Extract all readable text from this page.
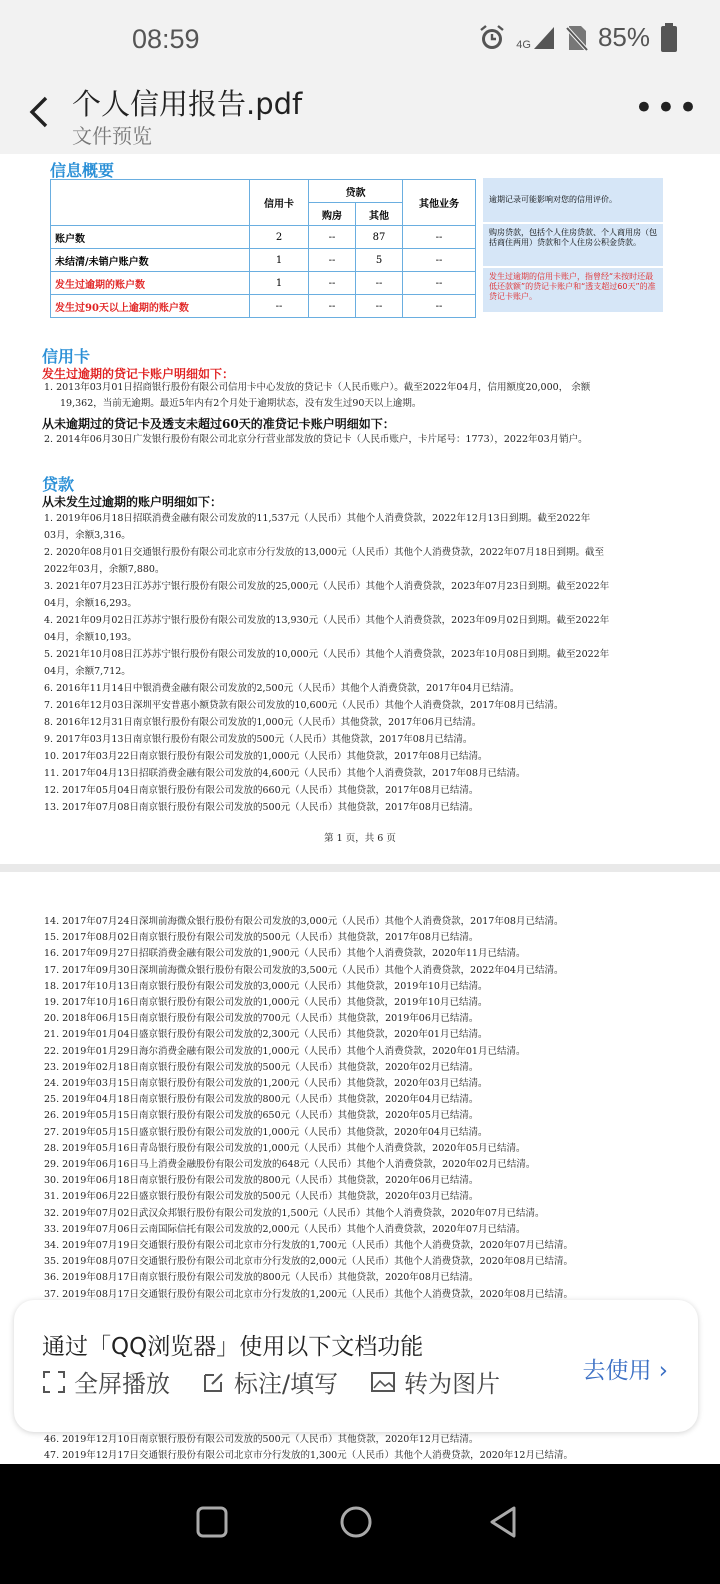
08:59	4G	85%
个人信用报告.pdf
文件预览
•••
信息概要
	信用卡	贷款		其他业务
		购房	其他	
账户数	2	--	87	--
未结清/未销户账户数	1	--	5	--
发生过逾期的账户数	1	--	--	--
发生过90天以上逾期的账户数	--	--	--	--
逾期记录可能影响对您的信用评价。
购房贷款，包括个人住房贷款、个人商用房（包括商住两用）贷款和个人住房公积金贷款。
发生过逾期的信用卡账户，指曾经“未按时还最低还款额”的贷记卡账户和“透支超过60天”的准贷记卡账户。
信用卡
发生过逾期的贷记卡账户明细如下：
1. 2013年03月01日招商银行股份有限公司信用卡中心发放的贷记卡（人民币账户）。截至2022年04月，信用额度20,000， 余额
19,362，当前无逾期。最近5年内有2个月处于逾期状态，没有发生过90天以上逾期。
从未逾期过的贷记卡及透支未超过60天的准贷记卡账户明细如下：
2. 2014年06月30日广发银行股份有限公司北京分行营业部发放的贷记卡（人民币账户，卡片尾号：1773），2022年03月销户。
贷款
从未发生过逾期的账户明细如下：
1. 2019年06月18日招联消费金融有限公司发放的11,537元（人民币）其他个人消费贷款，2022年12月13日到期。截至2022年
03月，余额3,316。
2. 2020年08月01日交通银行股份有限公司北京市分行发放的13,000元（人民币）其他个人消费贷款，2022年07月18日到期。截至
2022年03月，余额7,880。
3. 2021年07月23日江苏苏宁银行股份有限公司发放的25,000元（人民币）其他个人消费贷款，2023年07月23日到期。截至2022年
04月，余额16,293。
4. 2021年09月02日江苏苏宁银行股份有限公司发放的13,930元（人民币）其他个人消费贷款，2023年09月02日到期。截至2022年
04月，余额10,193。
5. 2021年10月08日江苏苏宁银行股份有限公司发放的10,000元（人民币）其他个人消费贷款，2023年10月08日到期。截至2022年
04月，余额7,712。
6. 2016年11月14日中银消费金融有限公司发放的2,500元（人民币）其他个人消费贷款，2017年04月已结清。
7. 2016年12月03日深圳平安普惠小额贷款有限公司发放的10,600元（人民币）其他个人消费贷款，2017年08月已结清。
8. 2016年12月31日南京银行股份有限公司发放的1,000元（人民币）其他贷款，2017年06月已结清。
9. 2017年03月13日南京银行股份有限公司发放的500元（人民币）其他贷款，2017年08月已结清。
10. 2017年03月22日南京银行股份有限公司发放的1,000元（人民币）其他贷款，2017年08月已结清。
11. 2017年04月13日招联消费金融有限公司发放的4,600元（人民币）其他个人消费贷款，2017年08月已结清。
12. 2017年05月04日南京银行股份有限公司发放的660元（人民币）其他贷款，2017年08月已结清。
13. 2017年07月08日南京银行股份有限公司发放的500元（人民币）其他贷款，2017年08月已结清。
第 1 页，共 6 页
14. 2017年07月24日深圳前海微众银行股份有限公司发放的3,000元（人民币）其他个人消费贷款，2017年08月已结清。
15. 2017年08月02日南京银行股份有限公司发放的500元（人民币）其他贷款，2017年08月已结清。
16. 2017年09月27日招联消费金融有限公司发放的1,900元（人民币）其他个人消费贷款，2020年11月已结清。
17. 2017年09月30日深圳前海微众银行股份有限公司发放的3,500元（人民币）其他个人消费贷款，2022年04月已结清。
18. 2017年10月13日南京银行股份有限公司发放的3,000元（人民币）其他贷款，2019年10月已结清。
19. 2017年10月16日南京银行股份有限公司发放的1,000元（人民币）其他贷款，2019年10月已结清。
20. 2018年06月15日南京银行股份有限公司发放的700元（人民币）其他贷款，2019年06月已结清。
21. 2019年01月04日盛京银行股份有限公司发放的2,300元（人民币）其他贷款，2020年01月已结清。
22. 2019年01月29日海尔消费金融有限公司发放的1,000元（人民币）其他个人消费贷款，2020年01月已结清。
23. 2019年02月18日南京银行股份有限公司发放的500元（人民币）其他贷款，2020年02月已结清。
24. 2019年03月15日南京银行股份有限公司发放的1,200元（人民币）其他贷款，2020年03月已结清。
25. 2019年04月18日南京银行股份有限公司发放的800元（人民币）其他贷款，2020年04月已结清。
26. 2019年05月15日南京银行股份有限公司发放的650元（人民币）其他贷款，2020年05月已结清。
27. 2019年05月15日盛京银行股份有限公司发放的1,000元（人民币）其他贷款，2020年04月已结清。
28. 2019年05月16日青岛银行股份有限公司发放的1,000元（人民币）其他个人消费贷款，2020年05月已结清。
29. 2019年06月16日马上消费金融股份有限公司发放的648元（人民币）其他个人消费贷款，2020年02月已结清。
30. 2019年06月18日南京银行股份有限公司发放的800元（人民币）其他贷款，2020年06月已结清。
31. 2019年06月22日盛京银行股份有限公司发放的500元（人民币）其他贷款，2020年03月已结清。
32. 2019年07月02日武汉众邦银行股份有限公司发放的1,500元（人民币）其他个人消费贷款，2020年07月已结清。
33. 2019年07月06日云南国际信托有限公司发放的2,000元（人民币）其他个人消费贷款，2020年07月已结清。
34. 2019年07月19日交通银行股份有限公司北京市分行发放的1,700元（人民币）其他个人消费贷款，2020年07月已结清。
35. 2019年08月07日交通银行股份有限公司北京市分行发放的2,000元（人民币）其他个人消费贷款，2020年08月已结清。
36. 2019年08月17日南京银行股份有限公司发放的800元（人民币）其他贷款，2020年08月已结清。
37. 2019年08月17日交通银行股份有限公司北京市分行发放的1,200元（人民币）其他个人消费贷款，2020年08月已结清。
46. 2019年12月10日南京银行股份有限公司发放的500元（人民币）其他贷款，2020年12月已结清。
47. 2019年12月17日交通银行股份有限公司北京市分行发放的1,300元（人民币）其他个人消费贷款，2020年12月已结清。
通过「QQ浏览器」使用以下文档功能
全屏播放	标注/填写	转为图片	去使用 ›
